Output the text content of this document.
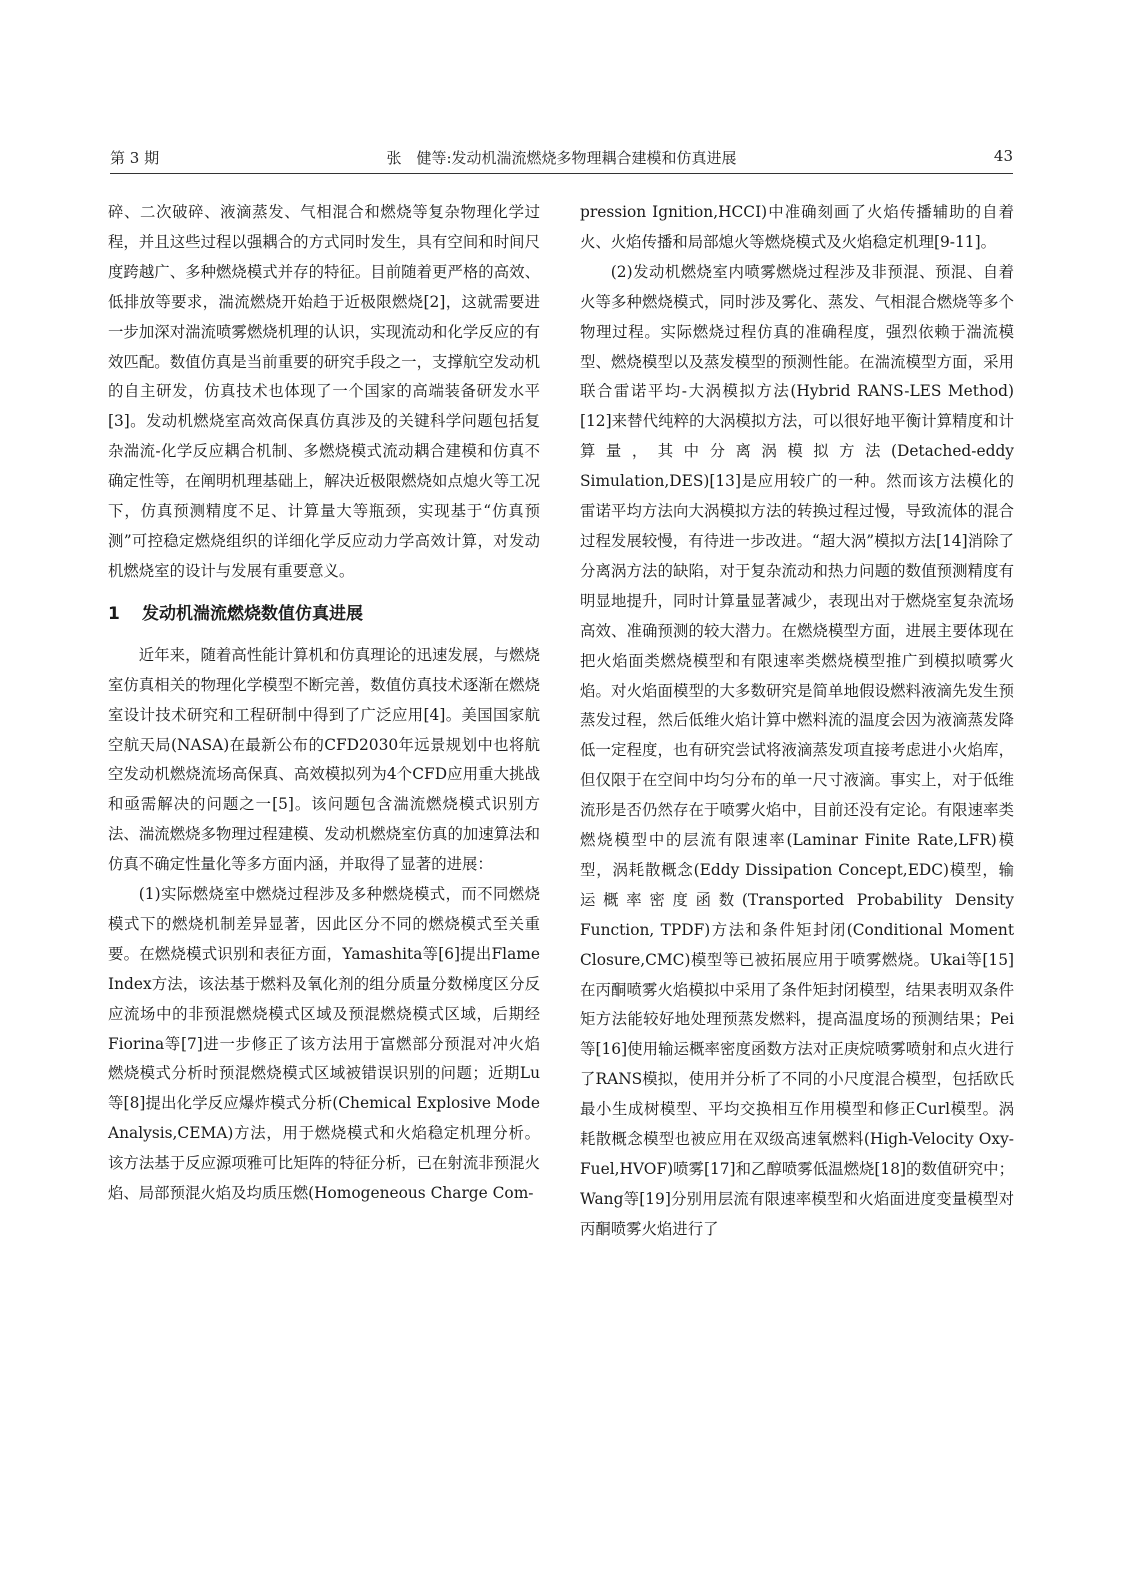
第 3 期	张　健等:发动机湍流燃烧多物理耦合建模和仿真进展	43

碎、二次破碎、液滴蒸发、气相混合和燃烧等复杂物理化学过程，并且这些过程以强耦合的方式同时发生，具有空间和时间尺度跨越广、多种燃烧模式并存的特征。目前随着更严格的高效、低排放等要求，湍流燃烧开始趋于近极限燃烧[2]，这就需要进一步加深对湍流喷雾燃烧机理的认识，实现流动和化学反应的有效匹配。数值仿真是当前重要的研究手段之一，支撑航空发动机的自主研发，仿真技术也体现了一个国家的高端装备研发水平[3]。发动机燃烧室高效高保真仿真涉及的关键科学问题包括复杂湍流-化学反应耦合机制、多燃烧模式流动耦合建模和仿真不确定性等，在阐明机理基础上，解决近极限燃烧如点熄火等工况下，仿真预测精度不足、计算量大等瓶颈，实现基于“仿真预测”可控稳定燃烧组织的详细化学反应动力学高效计算，对发动机燃烧室的设计与发展有重要意义。

1 发动机湍流燃烧数值仿真进展

近年来，随着高性能计算机和仿真理论的迅速发展，与燃烧室仿真相关的物理化学模型不断完善，数值仿真技术逐渐在燃烧室设计技术研究和工程研制中得到了广泛应用[4]。美国国家航空航天局(NASA)在最新公布的CFD2030年远景规划中也将航空发动机燃烧流场高保真、高效模拟列为4个CFD应用重大挑战和亟需解决的问题之一[5]。该问题包含湍流燃烧模式识别方法、湍流燃烧多物理过程建模、发动机燃烧室仿真的加速算法和仿真不确定性量化等多方面内涵，并取得了显著的进展：

(1)实际燃烧室中燃烧过程涉及多种燃烧模式，而不同燃烧模式下的燃烧机制差异显著，因此区分不同的燃烧模式至关重要。在燃烧模式识别和表征方面，Yamashita等[6]提出Flame Index方法，该法基于燃料及氧化剂的组分质量分数梯度区分反应流场中的非预混燃烧模式区域及预混燃烧模式区域，后期经Fiorina等[7]进一步修正了该方法用于富燃部分预混对冲火焰燃烧模式分析时预混燃烧模式区域被错误识别的问题；近期Lu等[8]提出化学反应爆炸模式分析(Chemical Explosive Mode Analysis,CEMA)方法，用于燃烧模式和火焰稳定机理分析。该方法基于反应源项雅可比矩阵的特征分析，已在射流非预混火焰、局部预混火焰及均质压燃(Homogeneous Charge Com-

pression Ignition,HCCI)中准确刻画了火焰传播辅助的自着火、火焰传播和局部熄火等燃烧模式及火焰稳定机理[9-11]。

(2)发动机燃烧室内喷雾燃烧过程涉及非预混、预混、自着火等多种燃烧模式，同时涉及雾化、蒸发、气相混合燃烧等多个物理过程。实际燃烧过程仿真的准确程度，强烈依赖于湍流模型、燃烧模型以及蒸发模型的预测性能。在湍流模型方面，采用联合雷诺平均-大涡模拟方法(Hybrid RANS-LES Method)[12]来替代纯粹的大涡模拟方法，可以很好地平衡计算精度和计算量，其中分离涡模拟方法(Detached-eddy Simulation,DES)[13]是应用较广的一种。然而该方法模化的雷诺平均方法向大涡模拟方法的转换过程过慢，导致流体的混合过程发展较慢，有待进一步改进。“超大涡”模拟方法[14]消除了分离涡方法的缺陷，对于复杂流动和热力问题的数值预测精度有明显地提升，同时计算量显著减少，表现出对于燃烧室复杂流场高效、准确预测的较大潜力。在燃烧模型方面，进展主要体现在把火焰面类燃烧模型和有限速率类燃烧模型推广到模拟喷雾火焰。对火焰面模型的大多数研究是简单地假设燃料液滴先发生预蒸发过程，然后低维火焰计算中燃料流的温度会因为液滴蒸发降低一定程度，也有研究尝试将液滴蒸发项直接考虑进小火焰库，但仅限于在空间中均匀分布的单一尺寸液滴。事实上，对于低维流形是否仍然存在于喷雾火焰中，目前还没有定论。有限速率类燃烧模型中的层流有限速率(Laminar Finite Rate,LFR)模型，涡耗散概念(Eddy Dissipation Concept,EDC)模型，输运概率密度函数(Transported Probability Density Function, TPDF)方法和条件矩封闭(Conditional Moment Closure,CMC)模型等已被拓展应用于喷雾燃烧。Ukai等[15]在丙酮喷雾火焰模拟中采用了条件矩封闭模型，结果表明双条件矩方法能较好地处理预蒸发燃料，提高温度场的预测结果；Pei等[16]使用输运概率密度函数方法对正庚烷喷雾喷射和点火进行了RANS模拟，使用并分析了不同的小尺度混合模型，包括欧氏最小生成树模型、平均交换相互作用模型和修正Curl模型。涡耗散概念模型也被应用在双级高速氧燃料(High-Velocity Oxy-Fuel,HVOF)喷雾[17]和乙醇喷雾低温燃烧[18]的数值研究中；Wang等[19]分别用层流有限速率模型和火焰面进度变量模型对丙酮喷雾火焰进行了
